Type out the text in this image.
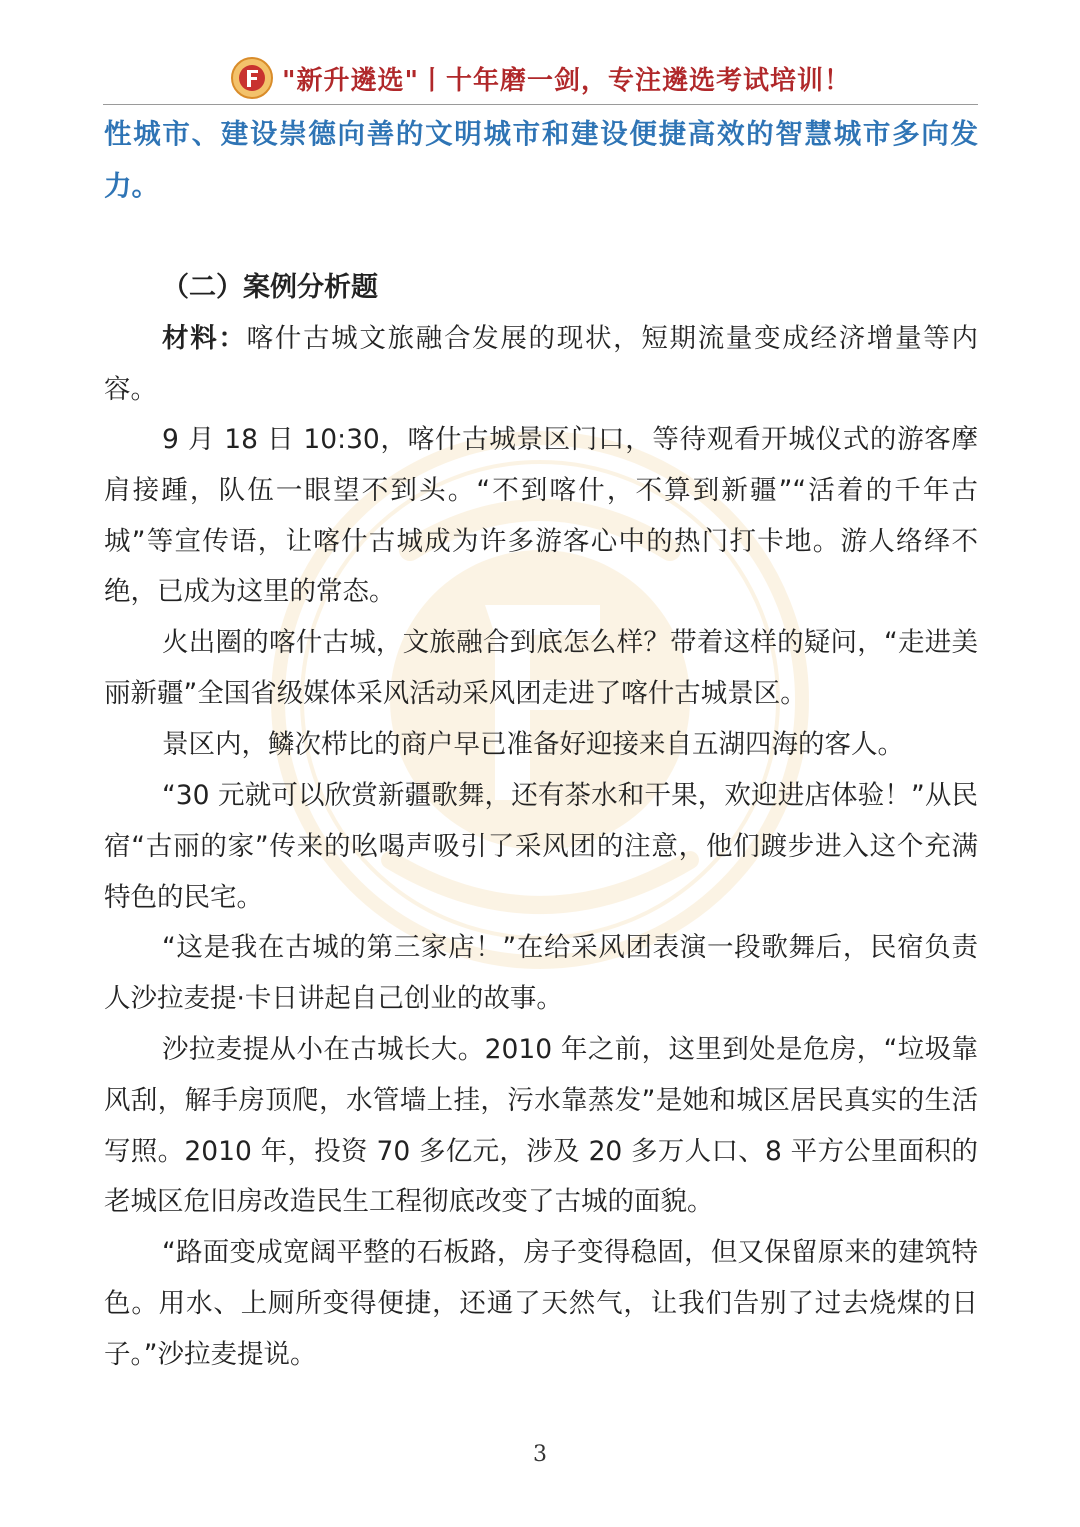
"新升遴选"丨十年磨一剑，专注遴选考试培训！

性城市、建设崇德向善的文明城市和建设便捷高效的智慧城市多向发力。

（二）案例分析题

材料：喀什古城文旅融合发展的现状，短期流量变成经济增量等内容。

9 月 18 日 10:30，喀什古城景区门口，等待观看开城仪式的游客摩肩接踵，队伍一眼望不到头。“不到喀什，不算到新疆”“活着的千年古城”等宣传语，让喀什古城成为许多游客心中的热门打卡地。游人络绎不绝，已成为这里的常态。

火出圈的喀什古城，文旅融合到底怎么样？带着这样的疑问，“走进美丽新疆”全国省级媒体采风活动采风团走进了喀什古城景区。

景区内，鳞次栉比的商户早已准备好迎接来自五湖四海的客人。

“30 元就可以欣赏新疆歌舞，还有茶水和干果，欢迎进店体验！”从民宿“古丽的家”传来的吆喝声吸引了采风团的注意，他们踱步进入这个充满特色的民宅。

“这是我在古城的第三家店！”在给采风团表演一段歌舞后，民宿负责人沙拉麦提·卡日讲起自己创业的故事。

沙拉麦提从小在古城长大。2010 年之前，这里到处是危房，“垃圾靠风刮，解手房顶爬，水管墙上挂，污水靠蒸发”是她和城区居民真实的生活写照。2010 年，投资 70 多亿元，涉及 20 多万人口、8 平方公里面积的老城区危旧房改造民生工程彻底改变了古城的面貌。

“路面变成宽阔平整的石板路，房子变得稳固，但又保留原来的建筑特色。用水、上厕所变得便捷，还通了天然气，让我们告别了过去烧煤的日子。”沙拉麦提说。

3
